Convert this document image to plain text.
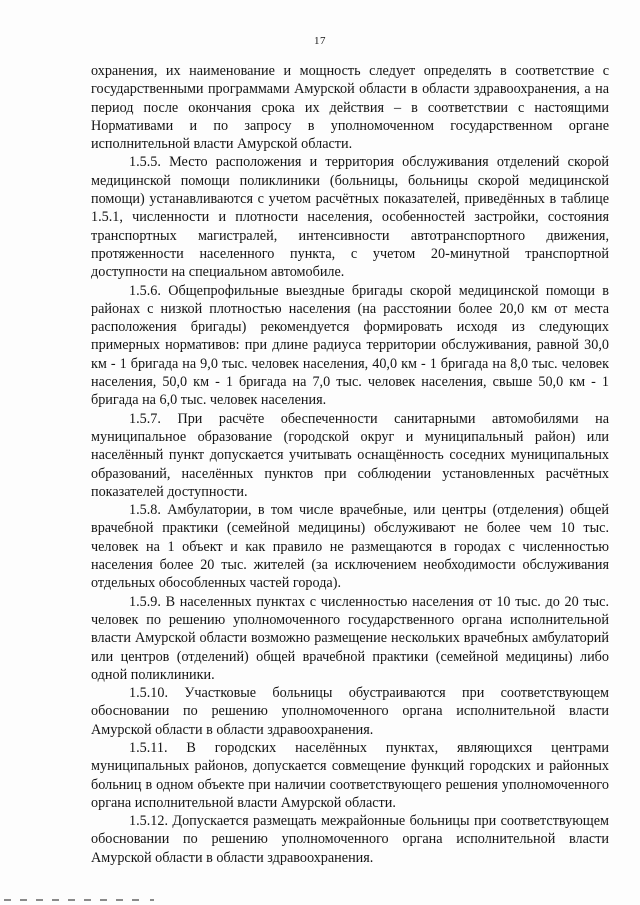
17

охранения, их наименование и мощность следует определять в соответствие с государственными программами Амурской области в области здравоохранения, а на период после окончания срока их действия – в соответствии с настоящими Нормативами и по запросу в уполномоченном государственном органе исполнительной власти Амурской области.

1.5.5. Место расположения и территория обслуживания отделений скорой медицинской помощи поликлиники (больницы, больницы скорой медицинской помощи) устанавливаются с учетом расчётных показателей, приведённых в таблице 1.5.1, численности и плотности населения, особенностей застройки, состояния транспортных магистралей, интенсивности автотранспортного движения, протяженности населенного пункта, с учетом 20-минутной транспортной доступности на специальном автомобиле.

1.5.6. Общепрофильные выездные бригады скорой медицинской помощи в районах с низкой плотностью населения (на расстоянии более 20,0 км от места расположения бригады) рекомендуется формировать исходя из следующих примерных нормативов: при длине радиуса территории обслуживания, равной 30,0 км - 1 бригада на 9,0 тыс. человек населения, 40,0 км - 1 бригада на 8,0 тыс. человек населения, 50,0 км - 1 бригада на 7,0 тыс. человек населения, свыше 50,0 км - 1 бригада на 6,0 тыс. человек населения.

1.5.7. При расчёте обеспеченности санитарными автомобилями на муниципальное образование (городской округ и муниципальный район) или населённый пункт допускается учитывать оснащённость соседних муниципальных образований, населённых пунктов при соблюдении установленных расчётных показателей доступности.

1.5.8. Амбулатории, в том числе врачебные, или центры (отделения) общей врачебной практики (семейной медицины) обслуживают не более чем 10 тыс. человек на 1 объект и как правило не размещаются в городах с численностью населения более 20 тыс. жителей (за исключением необходимости обслуживания отдельных обособленных частей города).

1.5.9. В населенных пунктах с численностью населения от 10 тыс. до 20 тыс. человек по решению уполномоченного государственного органа исполнительной власти Амурской области возможно размещение нескольких врачебных амбулаторий или центров (отделений) общей врачебной практики (семейной медицины) либо одной поликлиники.

1.5.10. Участковые больницы обустраиваются при соответствующем обосновании по решению уполномоченного органа исполнительной власти Амурской области в области здравоохранения.

1.5.11. В городских населённых пунктах, являющихся центрами муниципальных районов, допускается совмещение функций городских и районных больниц в одном объекте при наличии соответствующего решения уполномоченного органа исполнительной власти Амурской области.

1.5.12. Допускается размещать межрайонные больницы при соответствующем обосновании по решению уполномоченного органа исполнительной власти Амурской области в области здравоохранения.
